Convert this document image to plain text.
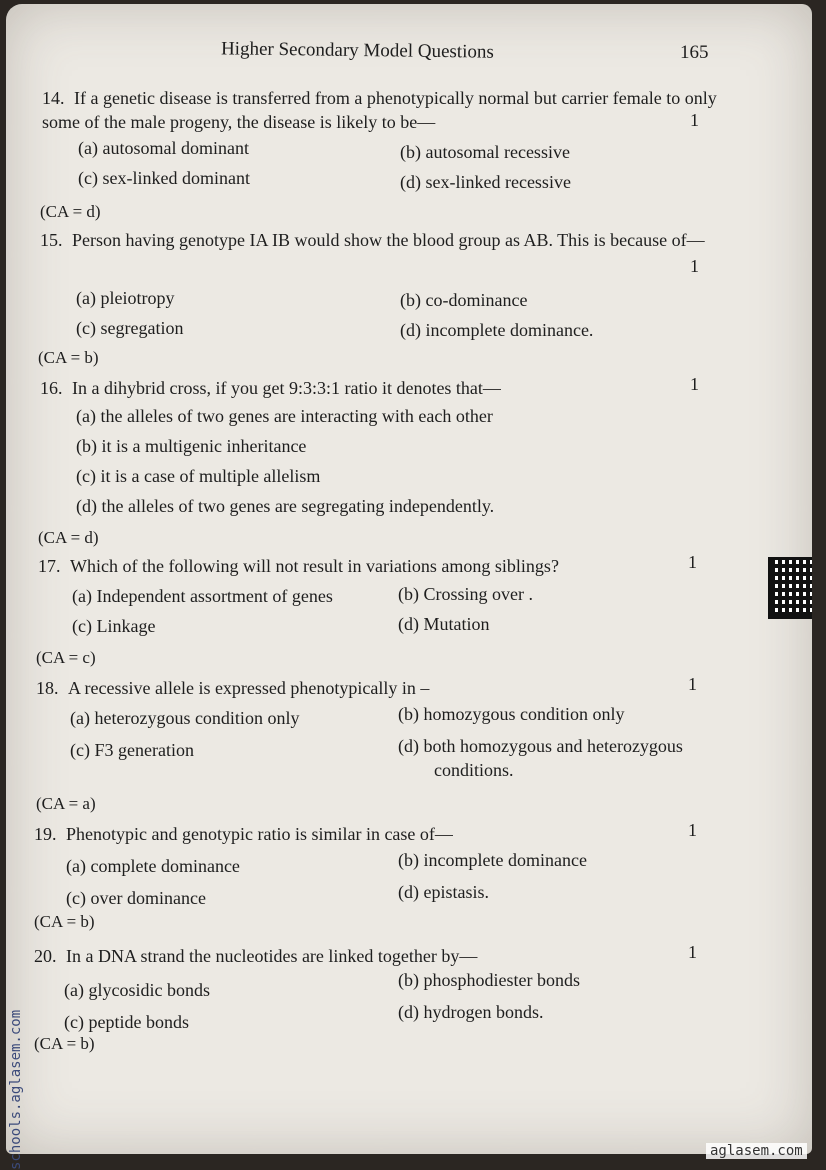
Higher Secondary Model Questions	165
14. If a genetic disease is transferred from a phenotypically normal but carrier female to only some of the male progeny, the disease is likely to be—	1
(a) autosomal dominant	(b) autosomal recessive
(c) sex-linked dominant	(d) sex-linked recessive
(CA = d)
15. Person having genotype IA IB would show the blood group as AB. This is because of—
1
(a) pleiotropy	(b) co-dominance
(c) segregation	(d) incomplete dominance.
(CA = b)
16. In a dihybrid cross, if you get 9:3:3:1 ratio it denotes that—	1
(a) the alleles of two genes are interacting with each other
(b) it is a multigenic inheritance
(c) it is a case of multiple allelism
(d) the alleles of two genes are segregating independently.
(CA = d)
17. Which of the following will not result in variations among siblings?	1
(a) Independent assortment of genes	(b) Crossing over .
(c) Linkage	(d) Mutation
(CA = c)
18. A recessive allele is expressed phenotypically in –	1
(a) heterozygous condition only	(b) homozygous condition only
(c) F3 generation	(d) both homozygous and heterozygous
conditions.
(CA = a)
19. Phenotypic and genotypic ratio is similar in case of—	1
(a) complete dominance	(b) incomplete dominance
(c) over dominance	(d) epistasis.
(CA = b)
20. In a DNA strand the nucleotides are linked together by—	1
(a) glycosidic bonds	(b) phosphodiester bonds
(c) peptide bonds	(d) hydrogen bonds.
(CA = b)
schools.aglasem.com	aglasem.com
